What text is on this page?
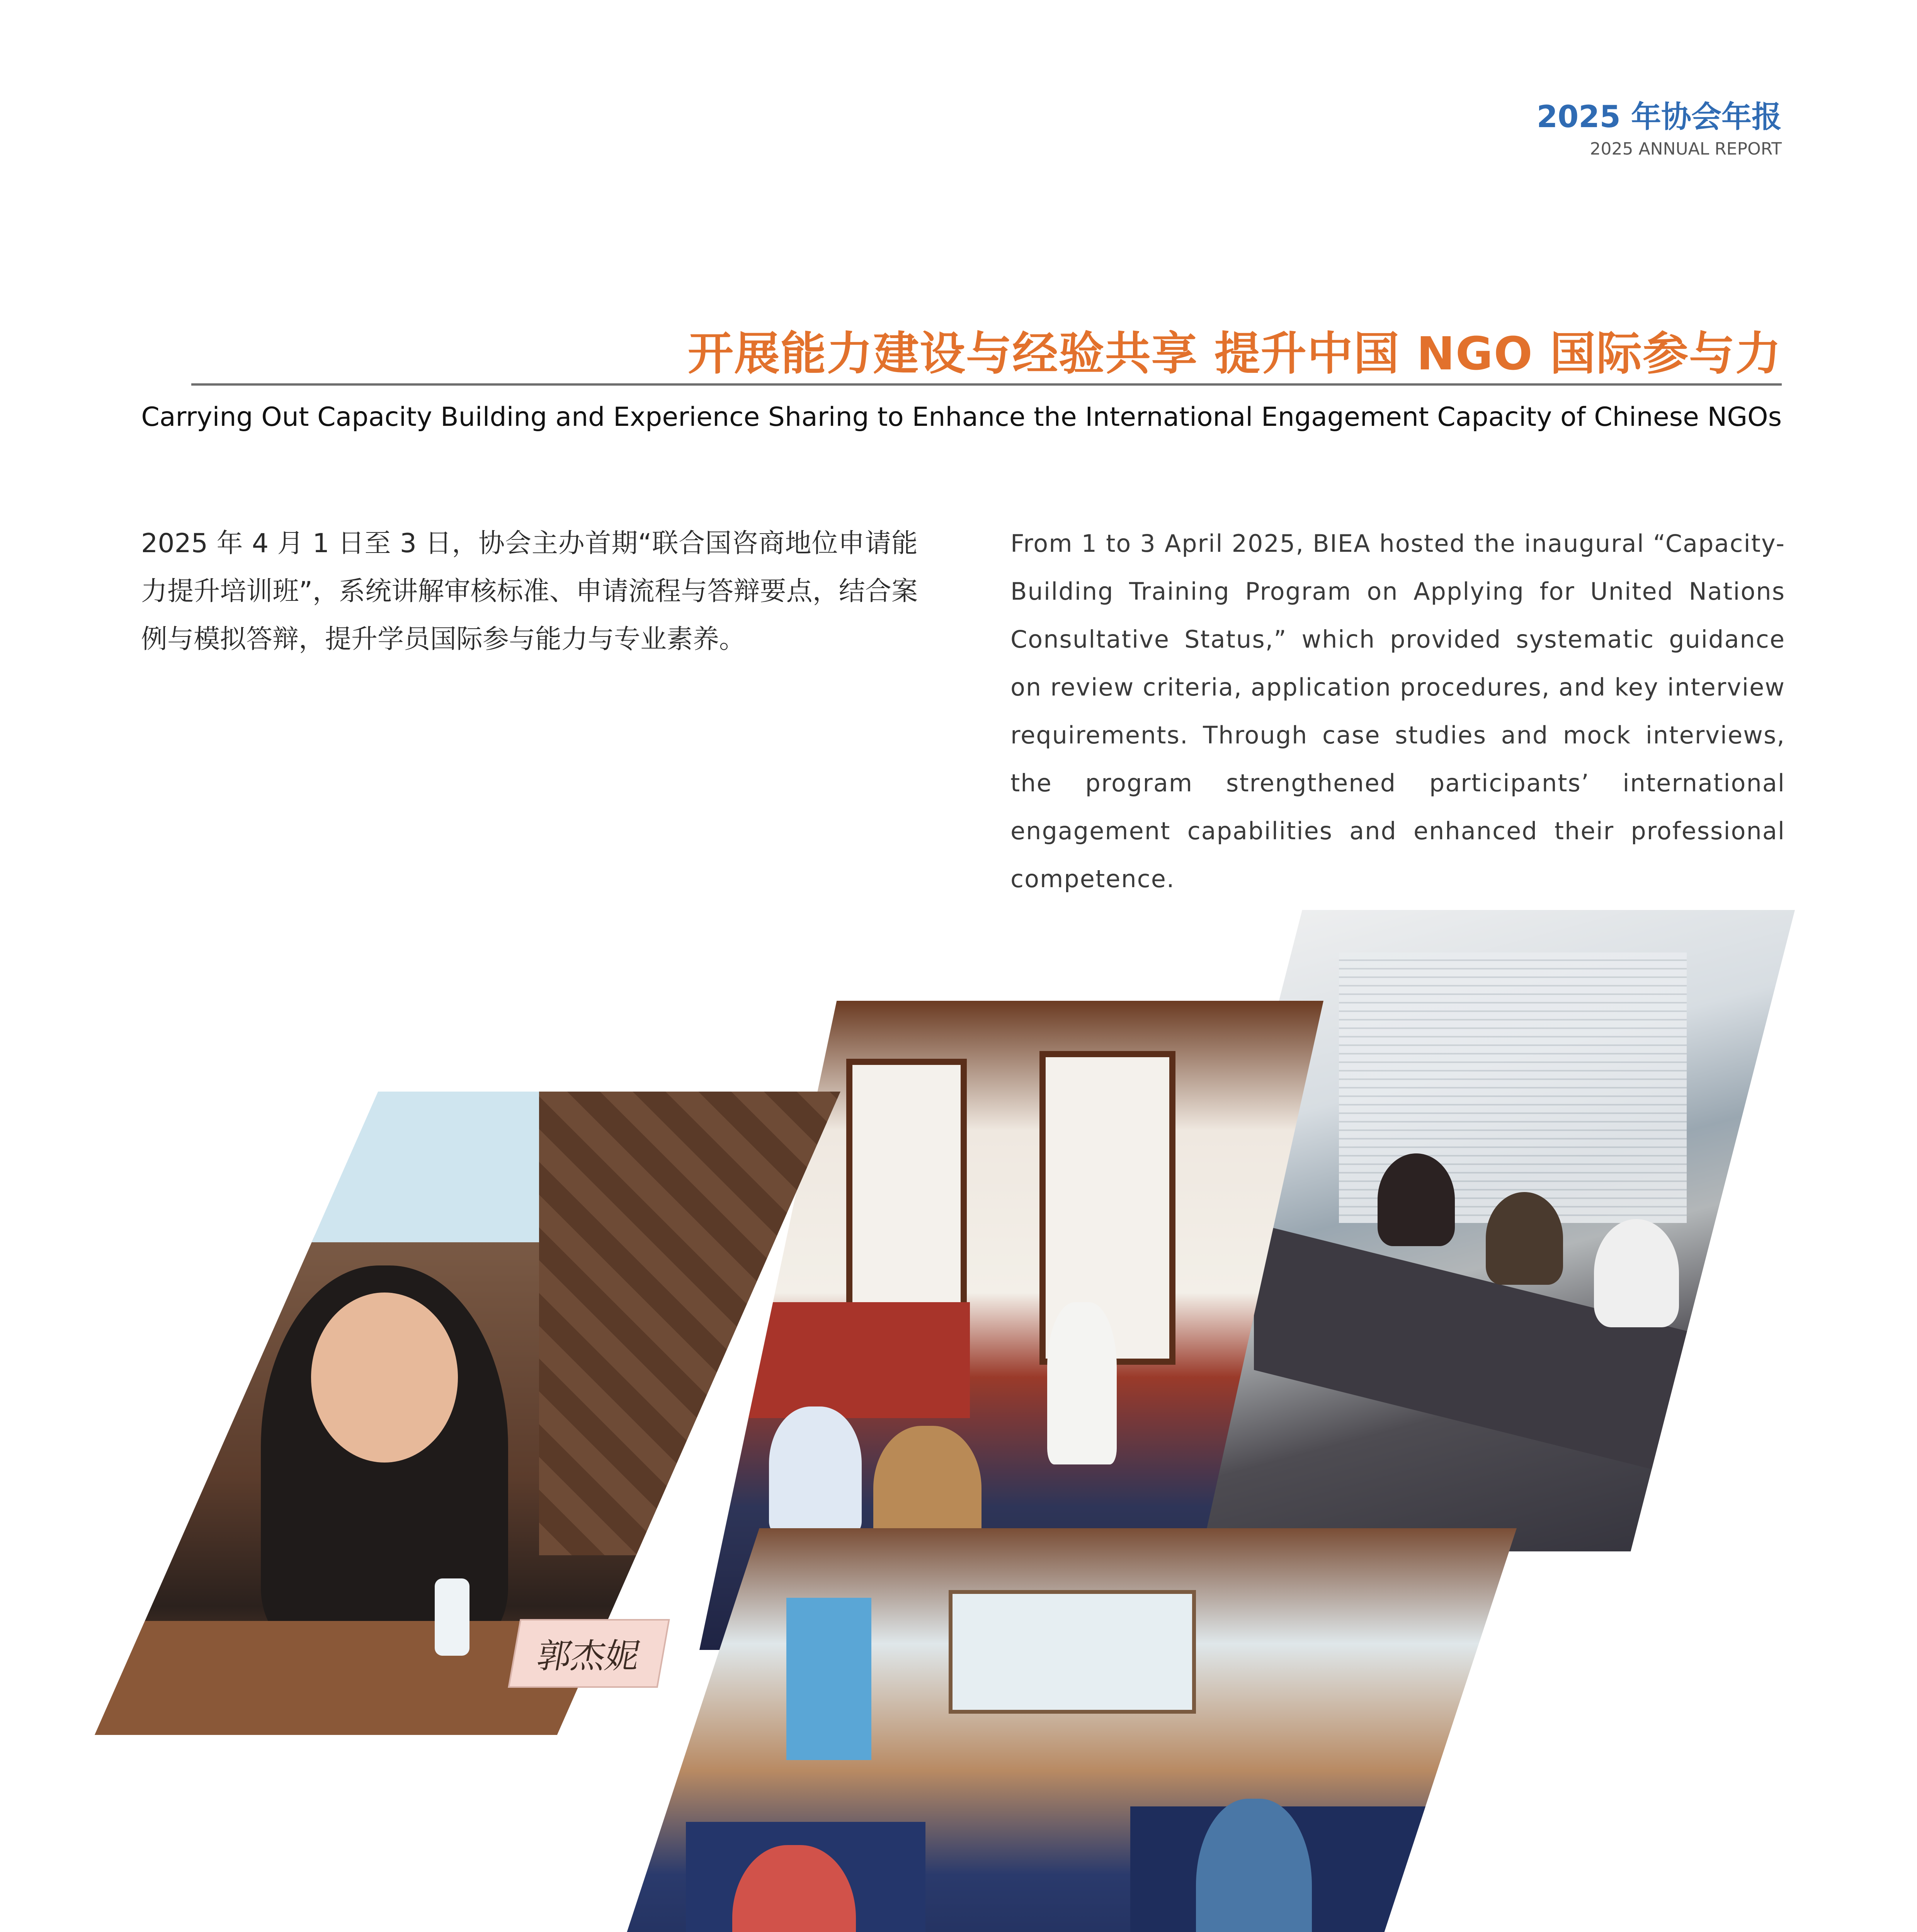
2025 年协会年报
2025 ANNUAL REPORT
开展能力建设与经验共享 提升中国 NGO 国际参与力
Carrying Out Capacity Building and Experience Sharing to Enhance the International Engagement Capacity of Chinese NGOs

2025 年 4 月 1 日至 3 日，协会主办首期“联合国咨商地位申请能力提升培训班”，系统讲解审核标准、申请流程与答辩要点，结合案例与模拟答辩，提升学员国际参与能力与专业素养。

From 1 to 3 April 2025, BIEA hosted the inaugural “Capacity-Building Training Program on Applying for United Nations Consultative Status,” which provided systematic guidance on review criteria, application procedures, and key interview requirements. Through case studies and mock interviews, the program strengthened participants’ international engagement capabilities and enhanced their professional competence.

郭杰妮
